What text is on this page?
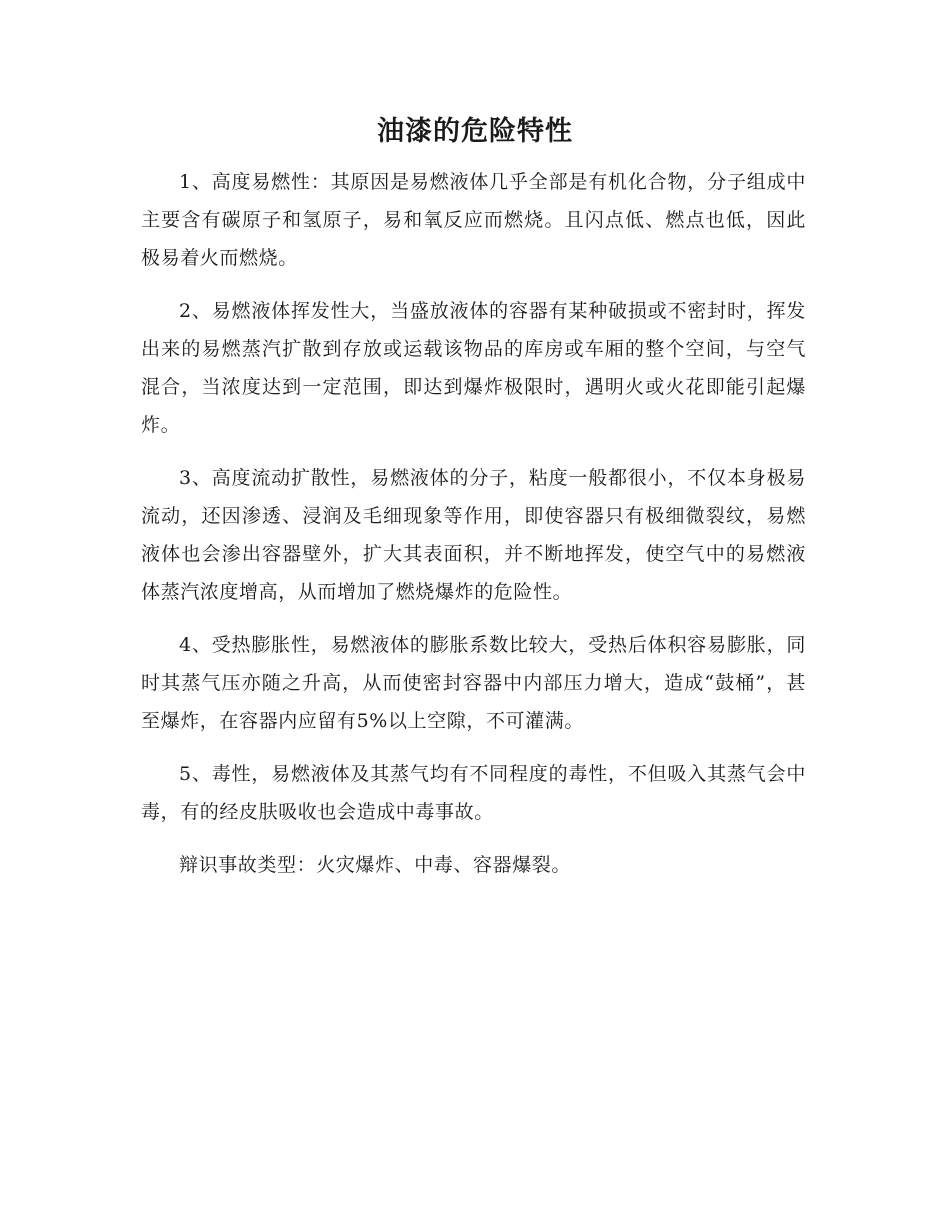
油漆的危险特性

1、高度易燃性：其原因是易燃液体几乎全部是有机化合物，分子组成中主要含有碳原子和氢原子，易和氧反应而燃烧。且闪点低、燃点也低，因此极易着火而燃烧。

2、易燃液体挥发性大，当盛放液体的容器有某种破损或不密封时，挥发出来的易燃蒸汽扩散到存放或运载该物品的库房或车厢的整个空间，与空气混合，当浓度达到一定范围，即达到爆炸极限时，遇明火或火花即能引起爆炸。

3、高度流动扩散性，易燃液体的分子，粘度一般都很小，不仅本身极易流动，还因渗透、浸润及毛细现象等作用，即使容器只有极细微裂纹，易燃液体也会渗出容器壁外，扩大其表面积，并不断地挥发，使空气中的易燃液体蒸汽浓度增高，从而增加了燃烧爆炸的危险性。

4、受热膨胀性，易燃液体的膨胀系数比较大，受热后体积容易膨胀，同时其蒸气压亦随之升高，从而使密封容器中内部压力增大，造成“鼓桶”，甚至爆炸，在容器内应留有5%以上空隙，不可灌满。

5、毒性，易燃液体及其蒸气均有不同程度的毒性，不但吸入其蒸气会中毒，有的经皮肤吸收也会造成中毒事故。

辩识事故类型：火灾爆炸、中毒、容器爆裂。
